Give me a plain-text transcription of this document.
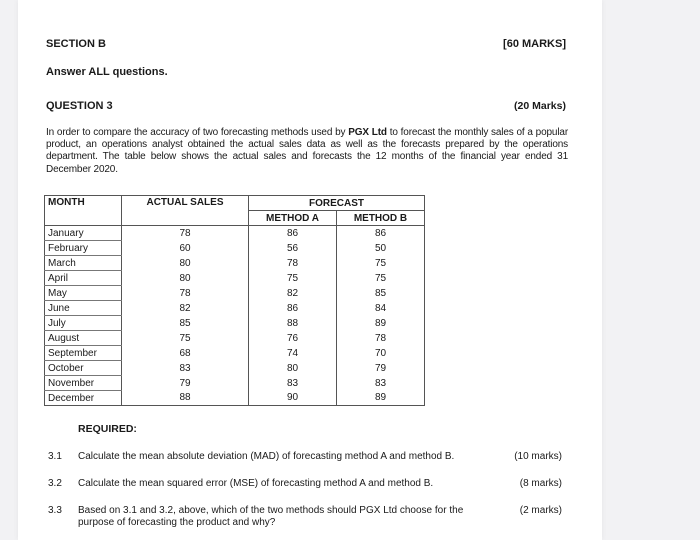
SECTION B	[60 MARKS]
Answer ALL questions.
QUESTION 3	(20 Marks)
In order to compare the accuracy of two forecasting methods used by PGX Ltd to forecast the monthly sales of a popular product, an operations analyst obtained the actual sales data as well as the forecasts prepared by the operations department. The table below shows the actual sales and forecasts the 12 months of the financial year ended 31 December 2020.
MONTH	ACTUAL SALES	FORECAST	
		METHOD A	METHOD B
January	78	86	86
February	60	56	50
March	80	78	75
April	80	75	75
May	78	82	85
June	82	86	84
July	85	88	89
August	75	76	78
September	68	74	70
October	83	80	79
November	79	83	83
December	88	90	89
REQUIRED:
3.1 Calculate the mean absolute deviation (MAD) of forecasting method A and method B.	(10 marks)
3.2 Calculate the mean squared error (MSE) of forecasting method A and method B.	(8 marks)
3.3 Based on 3.1 and 3.2, above, which of the two methods should PGX Ltd choose for the purpose of forecasting the product and why?
(2 marks)
